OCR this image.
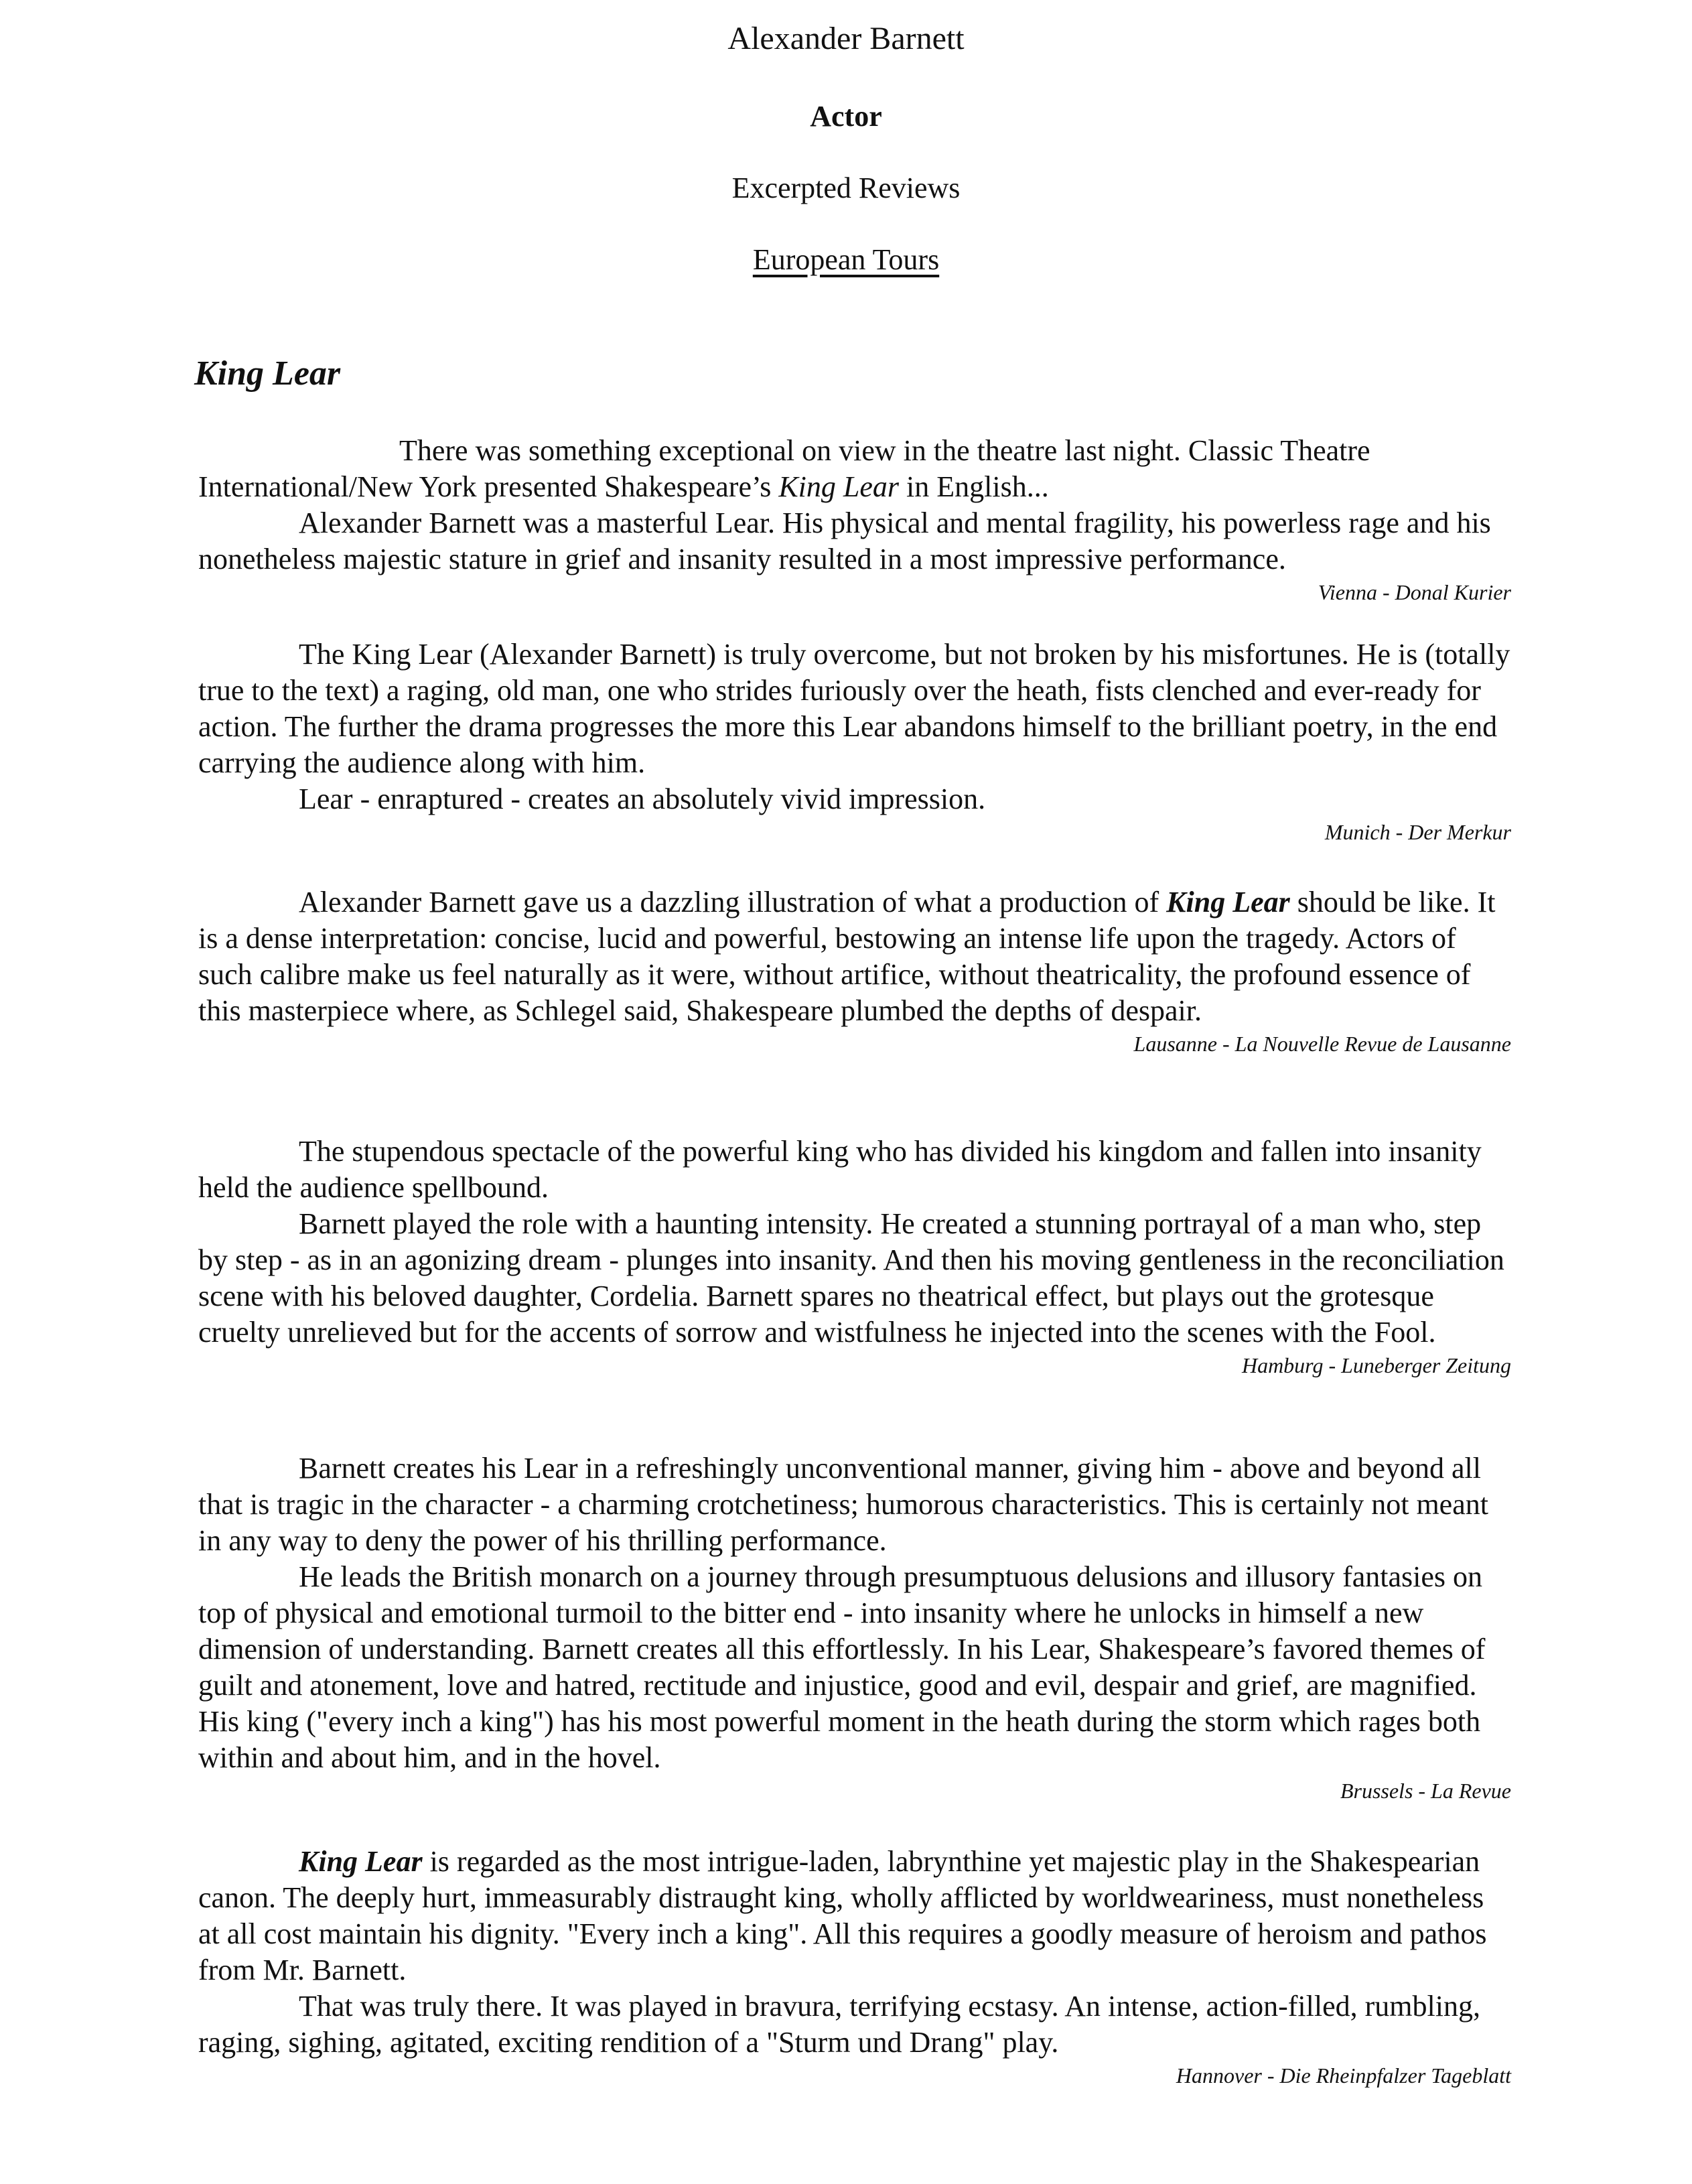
Alexander Barnett
Actor
Excerpted Reviews
European Tours
King Lear

There was something exceptional on view in the theatre last night. Classic Theatre International/New York presented Shakespeare’s King Lear in English...

Alexander Barnett was a masterful Lear. His physical and mental fragility, his powerless rage and his nonetheless majestic stature in grief and insanity resulted in a most impressive performance.

Vienna - Donal Kurier

The King Lear (Alexander Barnett) is truly overcome, but not broken by his misfortunes. He is (totally true to the text) a raging, old man, one who strides furiously over the heath, fists clenched and ever-ready for action. The further the drama progresses the more this Lear abandons himself to the brilliant poetry, in the end carrying the audience along with him.

Lear - enraptured - creates an absolutely vivid impression.

Munich - Der Merkur

Alexander Barnett gave us a dazzling illustration of what a production of King Lear should be like. It is a dense interpretation: concise, lucid and powerful, bestowing an intense life upon the tragedy. Actors of such calibre make us feel naturally as it were, without artifice, without theatricality, the profound essence of this masterpiece where, as Schlegel said, Shakespeare plumbed the depths of despair.

Lausanne - La Nouvelle Revue de Lausanne

The stupendous spectacle of the powerful king who has divided his kingdom and fallen into insanity held the audience spellbound.

Barnett played the role with a haunting intensity. He created a stunning portrayal of a man who, step by step - as in an agonizing dream - plunges into insanity. And then his moving gentleness in the reconciliation scene with his beloved daughter, Cordelia. Barnett spares no theatrical effect, but plays out the grotesque cruelty unrelieved but for the accents of sorrow and wistfulness he injected into the scenes with the Fool.

Hamburg - Luneberger Zeitung

Barnett creates his Lear in a refreshingly unconventional manner, giving him - above and beyond all that is tragic in the character - a charming crotchetiness; humorous characteristics. This is certainly not meant in any way to deny the power of his thrilling performance.

He leads the British monarch on a journey through presumptuous delusions and illusory fantasies on top of physical and emotional turmoil to the bitter end - into insanity where he unlocks in himself a new dimension of understanding. Barnett creates all this effortlessly. In his Lear, Shakespeare’s favored themes of guilt and atonement, love and hatred, rectitude and injustice, good and evil, despair and grief, are magnified. His king ("every inch a king") has his most powerful moment in the heath during the storm which rages both within and about him, and in the hovel.

Brussels - La Revue

King Lear is regarded as the most intrigue-laden, labrynthine yet majestic play in the Shakespearian canon. The deeply hurt, immeasurably distraught king, wholly afflicted by worldweariness, must nonetheless at all cost maintain his dignity. "Every inch a king". All this requires a goodly measure of heroism and pathos from Mr. Barnett.

That was truly there. It was played in bravura, terrifying ecstasy. An intense, action-filled, rumbling, raging, sighing, agitated, exciting rendition of a "Sturm und Drang" play.

Hannover - Die Rheinpfalzer Tageblatt
